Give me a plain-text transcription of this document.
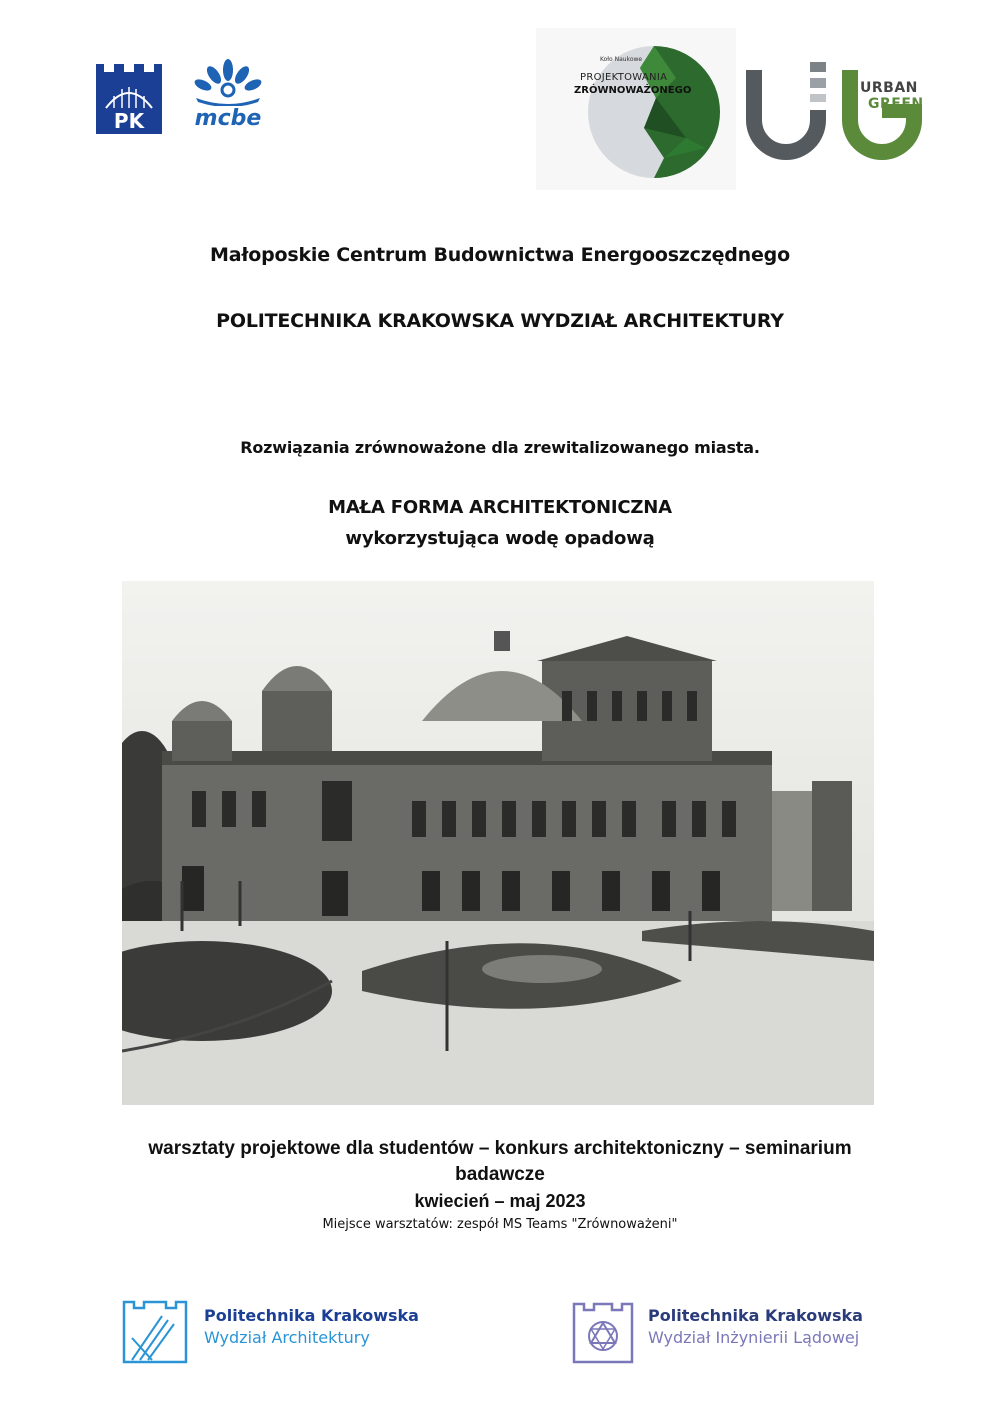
PK	mcbe
Koło Naukowe
PROJEKTOWANIA
ZRÓWNOWAŻONEGO	URBAN
GREEN
Małoposkie Centrum Budownictwa Energooszczędnego
POLITECHNIKA KRAKOWSKA WYDZIAŁ ARCHITEKTURY
Rozwiązania zrównoważone dla zrewitalizowanego miasta.
MAŁA FORMA ARCHITEKTONICZNA
wykorzystująca wodę opadową
warsztaty projektowe dla studentów – konkurs architektoniczny – seminarium
badawcze
kwiecień – maj 2023
Miejsce warsztatów: zespół MS Teams "Zrównoważeni"
Politechnika Krakowska
Wydział Architektury
Politechnika Krakowska
Wydział Inżynierii Lądowej
